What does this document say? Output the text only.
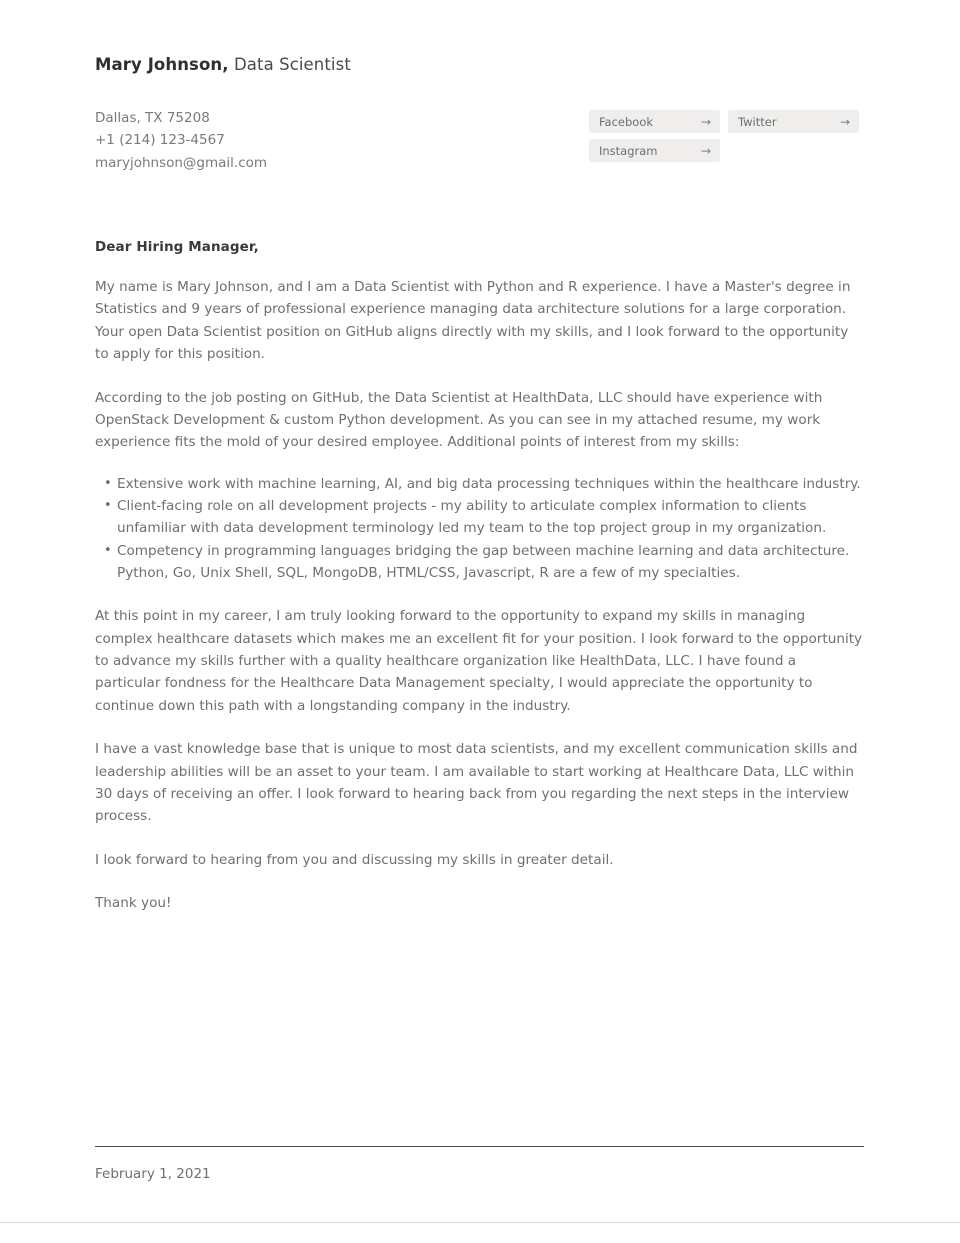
Mary Johnson, Data Scientist
Dallas, TX 75208
+1 (214) 123-4567
maryjohnson@gmail.com
Facebook	→ Twitter	→
Instagram	→
Dear Hiring Manager,

My name is Mary Johnson, and I am a Data Scientist with Python and R experience. I have a Master's degree in Statistics and 9 years of professional experience managing data architecture solutions for a large corporation. Your open Data Scientist position on GitHub aligns directly with my skills, and I look forward to the opportunity to apply for this position.

According to the job posting on GitHub, the Data Scientist at HealthData, LLC should have experience with OpenStack Development & custom Python development. As you can see in my attached resume, my work experience fits the mold of your desired employee. Additional points of interest from my skills:

• Extensive work with machine learning, AI, and big data processing techniques within the healthcare industry.
• Client-facing role on all development projects - my ability to articulate complex information to clients unfamiliar with data development terminology led my team to the top project group in my organization.
• Competency in programming languages bridging the gap between machine learning and data architecture. Python, Go, Unix Shell, SQL, MongoDB, HTML/CSS, Javascript, R are a few of my specialties.

At this point in my career, I am truly looking forward to the opportunity to expand my skills in managing complex healthcare datasets which makes me an excellent fit for your position. I look forward to the opportunity to advance my skills further with a quality healthcare organization like HealthData, LLC. I have found a particular fondness for the Healthcare Data Management specialty, I would appreciate the opportunity to continue down this path with a longstanding company in the industry.

I have a vast knowledge base that is unique to most data scientists, and my excellent communication skills and leadership abilities will be an asset to your team. I am available to start working at Healthcare Data, LLC within 30 days of receiving an offer. I look forward to hearing back from you regarding the next steps in the interview process.

I look forward to hearing from you and discussing my skills in greater detail.

Thank you!

February 1, 2021
